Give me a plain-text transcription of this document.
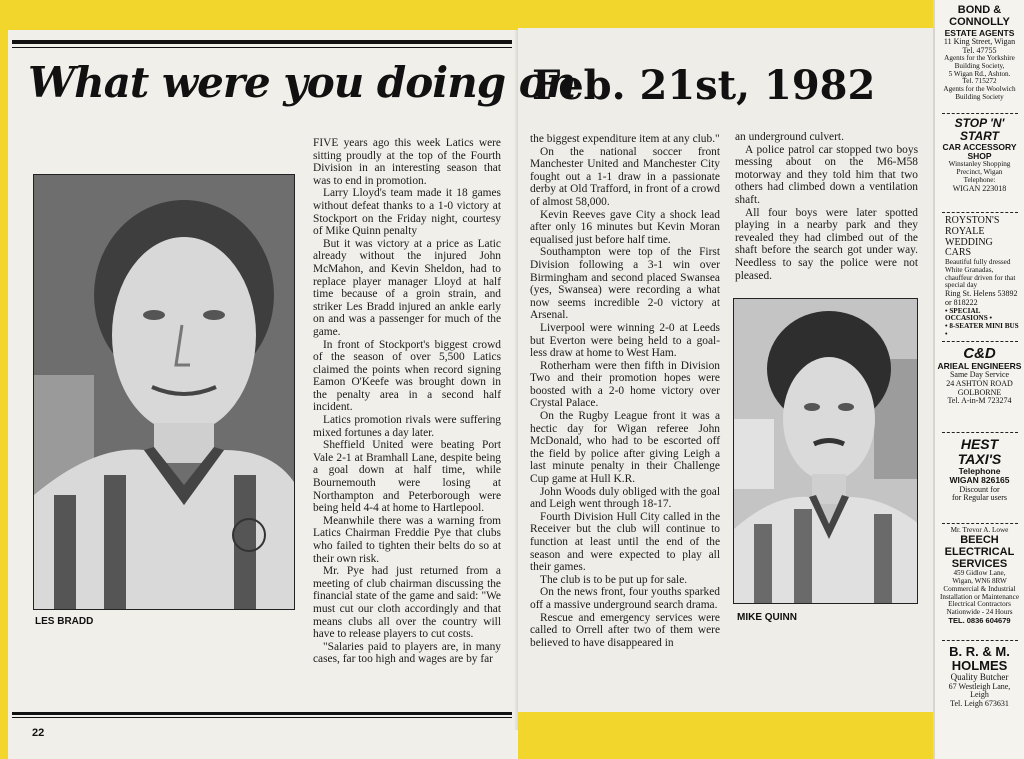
What were you doing on
Feb. 21st, 1982
LES BRADD	MIKE QUINN

FIVE years ago this week Latics were sitting proudly at the top of the Fourth Division in an interesting season that was to end in promotion.

Larry Lloyd's team made it 18 games without defeat thanks to a 1-0 victory at Stockport on the Friday night, courtesy of Mike Quinn penalty

But it was victory at a price as Latic already without the injured John McMahon, and Kevin Sheldon, had to replace player manager Lloyd at half time because of a groin strain, and striker Les Bradd injured an ankle early on and was a passenger for much of the game.

In front of Stockport's biggest crowd of the season of over 5,500 Latics claimed the points when record signing Eamon O'Keefe was brought down in the penalty area in a second half incident.

Latics promotion rivals were suffering mixed fortunes a day later.

Sheffield United were beating Port Vale 2-1 at Bramhall Lane, despite being a goal down at half time, while Bournemouth were losing at Northampton and Peterborough were being held 4-4 at home to Hartlepool.

Meanwhile there was a warning from Latics Chairman Freddie Pye that clubs who failed to tighten their belts do so at their own risk.

Mr. Pye had just returned from a meeting of club chairman discussing the financial state of the game and said: "We must cut our cloth accordingly and that means clubs all over the country will have to release players to cut costs.

"Salaries paid to players are, in many cases, far too high and wages are by far

the biggest expenditure item at any club."

On the national soccer front Manchester United and Manchester City fought out a 1-1 draw in a passionate derby at Old Trafford, in front of a crowd of almost 58,000.

Kevin Reeves gave City a shock lead after only 16 minutes but Kevin Moran equalised just before half time.

Southampton were top of the First Division following a 3-1 win over Birmingham and second placed Swansea (yes, Swansea) were recording a what now seems incredible 2-0 victory at Arsenal.

Liverpool were winning 2-0 at Leeds but Everton were being held to a goal-less draw at home to West Ham.

Rotherham were then fifth in Division Two and their promotion hopes were boosted with a 2-0 home victory over Crystal Palace.

On the Rugby League front it was a hectic day for Wigan referee John McDonald, who had to be escorted off the field by police after giving Leigh a last minute penalty in their Challenge Cup game at Hull K.R.

John Woods duly obliged with the goal and Leigh went through 18-17.

Fourth Division Hull City called in the Receiver but the club will continue to function at least until the end of the season and were expected to play all their games.

The club is to be put up for sale.

On the news front, four youths sparked off a massive underground search drama.

Rescue and emergency services were called to Orrell after two of them were believed to have disappeared in

an underground culvert.

A police patrol car stopped two boys messing about on the M6-M58 motorway and they told him that two others had climbed down a ventilation shaft.

All four boys were later spotted playing in a nearby park and they revealed they had climbed out of the shaft before the search got under way. Needless to say the police were not pleased.

22
BOND &
CONNOLLY
ESTATE AGENTS
11 King Street, Wigan
Tel. 47755
Agents for the Yorkshire
Building Society,
5 Wigan Rd., Ashton.
Tel. 715272
Agents for the Woolwich
Building Society
STOP 'N'
START
CAR ACCESSORY
SHOP
Winstanley Shopping
Precinct, Wigan
Telephone:
WIGAN 223018
ROYSTON'S
ROYALE
WEDDING
CARS
Beautiful fully dressed
White Granadas,
chauffeur driven for that
special day
Ring St. Helens 53892
or 818222
• SPECIAL OCCASIONS •
• 8-SEATER MINI BUS •
C&D
ARIEAL ENGINEERS
Same Day Service
24 ASHTON ROAD
GOLBORNE
Tel. A-in-M 723274
HEST
TAXI'S
Telephone
WIGAN 826165
Discount for
for Regular users
Mr. Trevor A. Lowe
BEECH
ELECTRICAL
SERVICES
459 Gidlow Lane,
Wigan, WN6 8RW
Commercial & Industrial
Installation or Maintenance
Electrical Contractors
Nationwide - 24 Hours
TEL. 0836 604679
B. R. & M.
HOLMES
Quality Butcher
67 Westleigh Lane,
Leigh
Tel. Leigh 673631
